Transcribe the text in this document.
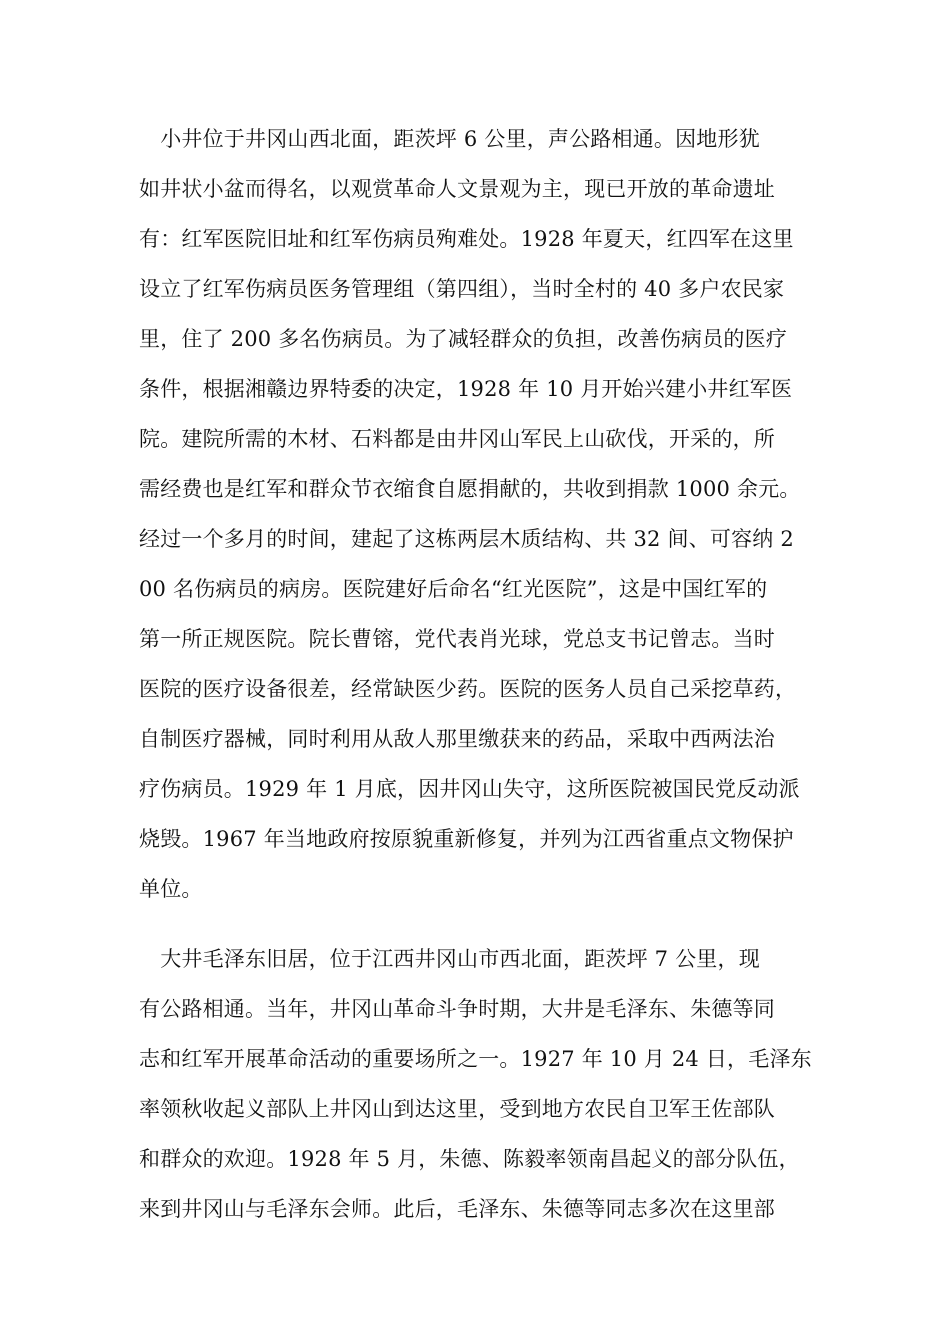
　小井位于井冈山西北面，距茨坪 6 公里，声公路相通。因地形犹
如井状小盆而得名，以观赏革命人文景观为主，现已开放的革命遗址
有：红军医院旧址和红军伤病员殉难处。1928 年夏天，红四军在这里
设立了红军伤病员医务管理组（第四组），当时全村的 40 多户农民家
里，住了 200 多名伤病员。为了减轻群众的负担，改善伤病员的医疗
条件，根据湘赣边界特委的决定，1928 年 10 月开始兴建小井红军医
院。建院所需的木材、石料都是由井冈山军民上山砍伐，开采的，所
需经费也是红军和群众节衣缩食自愿捐献的，共收到捐款 1000 余元。
经过一个多月的时间，建起了这栋两层木质结构、共 32 间、可容纳 2
00 名伤病员的病房。医院建好后命名“红光医院”，这是中国红军的
第一所正规医院。院长曹镕，党代表肖光球，党总支书记曾志。当时
医院的医疗设备很差，经常缺医少药。医院的医务人员自己采挖草药，
自制医疗器械，同时利用从敌人那里缴获来的药品，采取中西两法治
疗伤病员。1929 年 1 月底，因井冈山失守，这所医院被国民党反动派
烧毁。1967 年当地政府按原貌重新修复，并列为江西省重点文物保护
单位。
　大井毛泽东旧居，位于江西井冈山市西北面，距茨坪 7 公里，现
有公路相通。当年，井冈山革命斗争时期，大井是毛泽东、朱德等同
志和红军开展革命活动的重要场所之一。1927 年 10 月 24 日，毛泽东
率领秋收起义部队上井冈山到达这里，受到地方农民自卫军王佐部队
和群众的欢迎。1928 年 5 月，朱德、陈毅率领南昌起义的部分队伍，
来到井冈山与毛泽东会师。此后，毛泽东、朱德等同志多次在这里部
